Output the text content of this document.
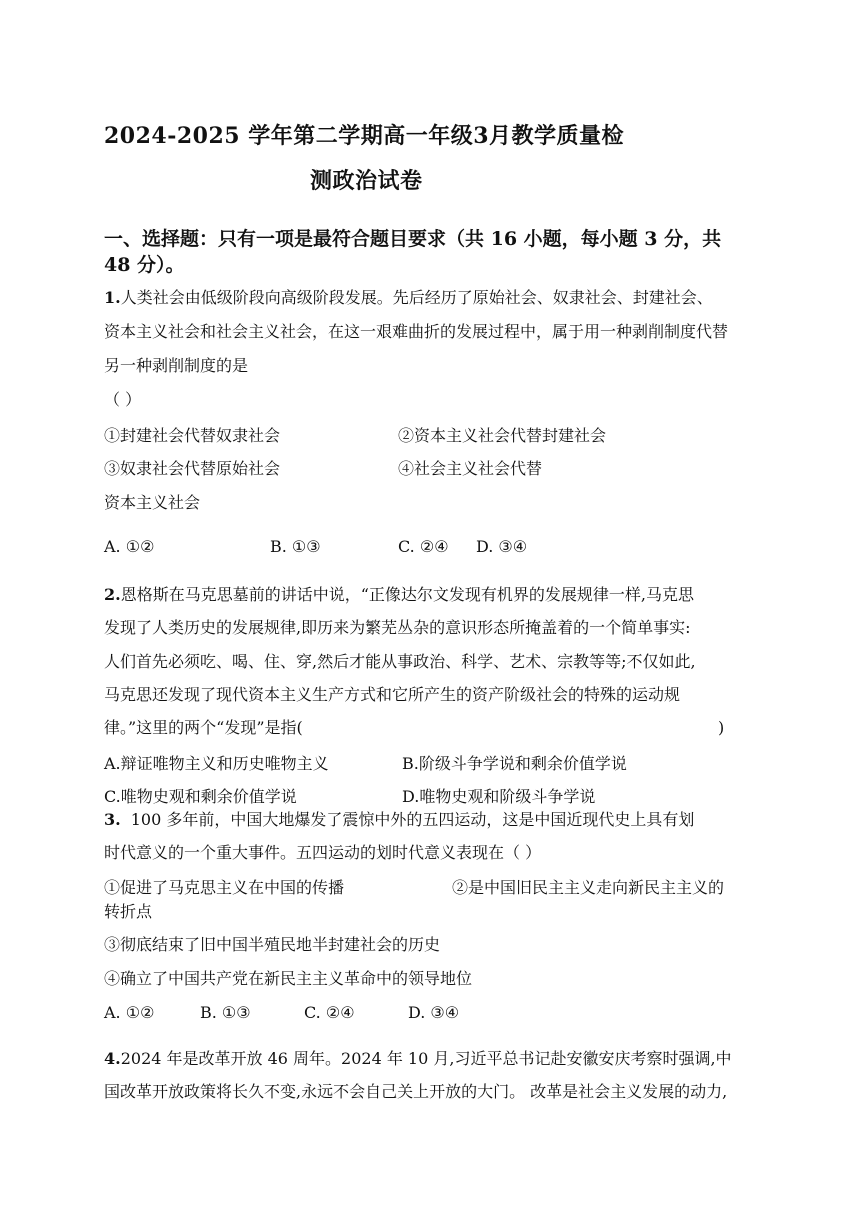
2024-2025 学年第二学期高一年级3月教学质量检
测政治试卷
一、选择题：只有一项是最符合题目要求（共 16 小题，每小题 3 分，共
48 分）。
1.人类社会由低级阶段向高级阶段发展。先后经历了原始社会、奴隶社会、封建社会、
资本主义社会和社会主义社会，在这一艰难曲折的发展过程中，属于用一种剥削制度代替
另一种剥削制度的是
（ ）
①封建社会代替奴隶社会	②资本主义社会代替封建社会
③奴隶社会代替原始社会	④社会主义社会代替
资本主义社会
A. ①②	B. ①③	C. ②④ D. ③④
2.恩格斯在马克思墓前的讲话中说，“正像达尔文发现有机界的发展规律一样,马克思
发现了人类历史的发展规律,即历来为繁芜丛杂的意识形态所掩盖着的一个简单事实:
人们首先必须吃、喝、住、穿,然后才能从事政治、科学、艺术、宗教等等;不仅如此,
马克思还发现了现代资本主义生产方式和它所产生的资产阶级社会的特殊的运动规
律。”这里的两个“发现”是指(	)
A.辩证唯物主义和历史唯物主义	B.阶级斗争学说和剩余价值学说
C.唯物史观和剩余价值学说	D.唯物史观和阶级斗争学说
3. 100 多年前，中国大地爆发了震惊中外的五四运动，这是中国近现代史上具有划
时代意义的一个重大事件。五四运动的划时代意义表现在（ ）
①促进了马克思主义在中国的传播	②是中国旧民主主义走向新民主主义的
转折点
③彻底结束了旧中国半殖民地半封建社会的历史
④确立了中国共产党在新民主主义革命中的领导地位
A. ①②	B. ①③	C. ②④	D. ③④
4.2024 年是改革开放 46 周年。2024 年 10 月,习近平总书记赴安徽安庆考察时强调,中
国改革开放政策将长久不变,永远不会自己关上开放的大门。 改革是社会主义发展的动力,
